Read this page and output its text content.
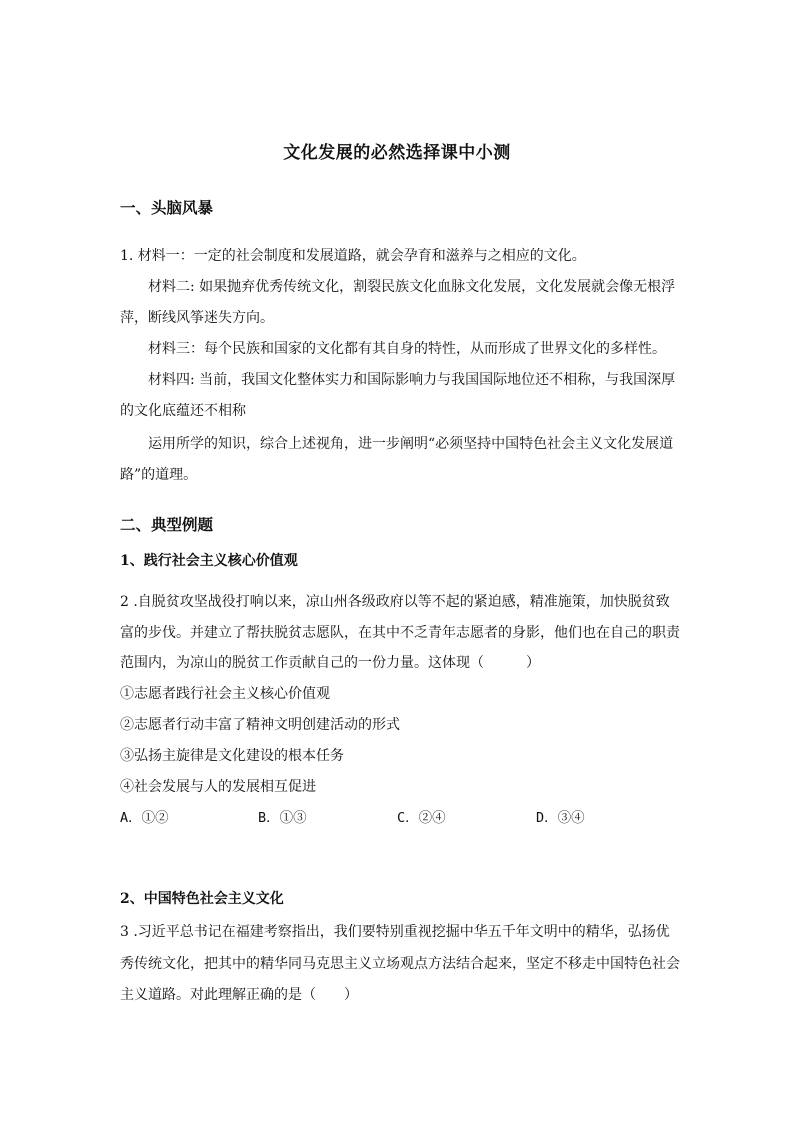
文化发展的必然选择课中小测
一、头脑风暴
1. 材料一：一定的社会制度和发展道路，就会孕育和滋养与之相应的文化。
材料二: 如果抛弃优秀传统文化，割裂民族文化血脉文化发展，文化发展就会像无根浮
萍，断线风筝迷失方向。
材料三：每个民族和国家的文化都有其自身的特性，从而形成了世界文化的多样性。
材料四: 当前，我国文化整体实力和国际影响力与我国国际地位还不相称，与我国深厚
的文化底蕴还不相称
运用所学的知识，综合上述视角，进一步阐明“必须坚持中国特色社会主义文化发展道
路”的道理。
二、典型例题
1、践行社会主义核心价值观
2 .自脱贫攻坚战役打响以来，凉山州各级政府以等不起的紧迫感，精准施策，加快脱贫致
富的步伐。并建立了帮扶脱贫志愿队，在其中不乏青年志愿者的身影，他们也在自己的职责
范围内，为凉山的脱贫工作贡献自己的一份力量。这体现（　　　）
①志愿者践行社会主义核心价值观
②志愿者行动丰富了精神文明创建活动的形式
③弘扬主旋律是文化建设的根本任务
④社会发展与人的发展相互促进
A．①②	B．①③	C．②④	D．③④
2、中国特色社会主义文化
3 .习近平总书记在福建考察指出，我们要特别重视挖掘中华五千年文明中的精华，弘扬优
秀传统文化，把其中的精华同马克思主义立场观点方法结合起来，坚定不移走中国特色社会
主义道路。对此理解正确的是（　　）
